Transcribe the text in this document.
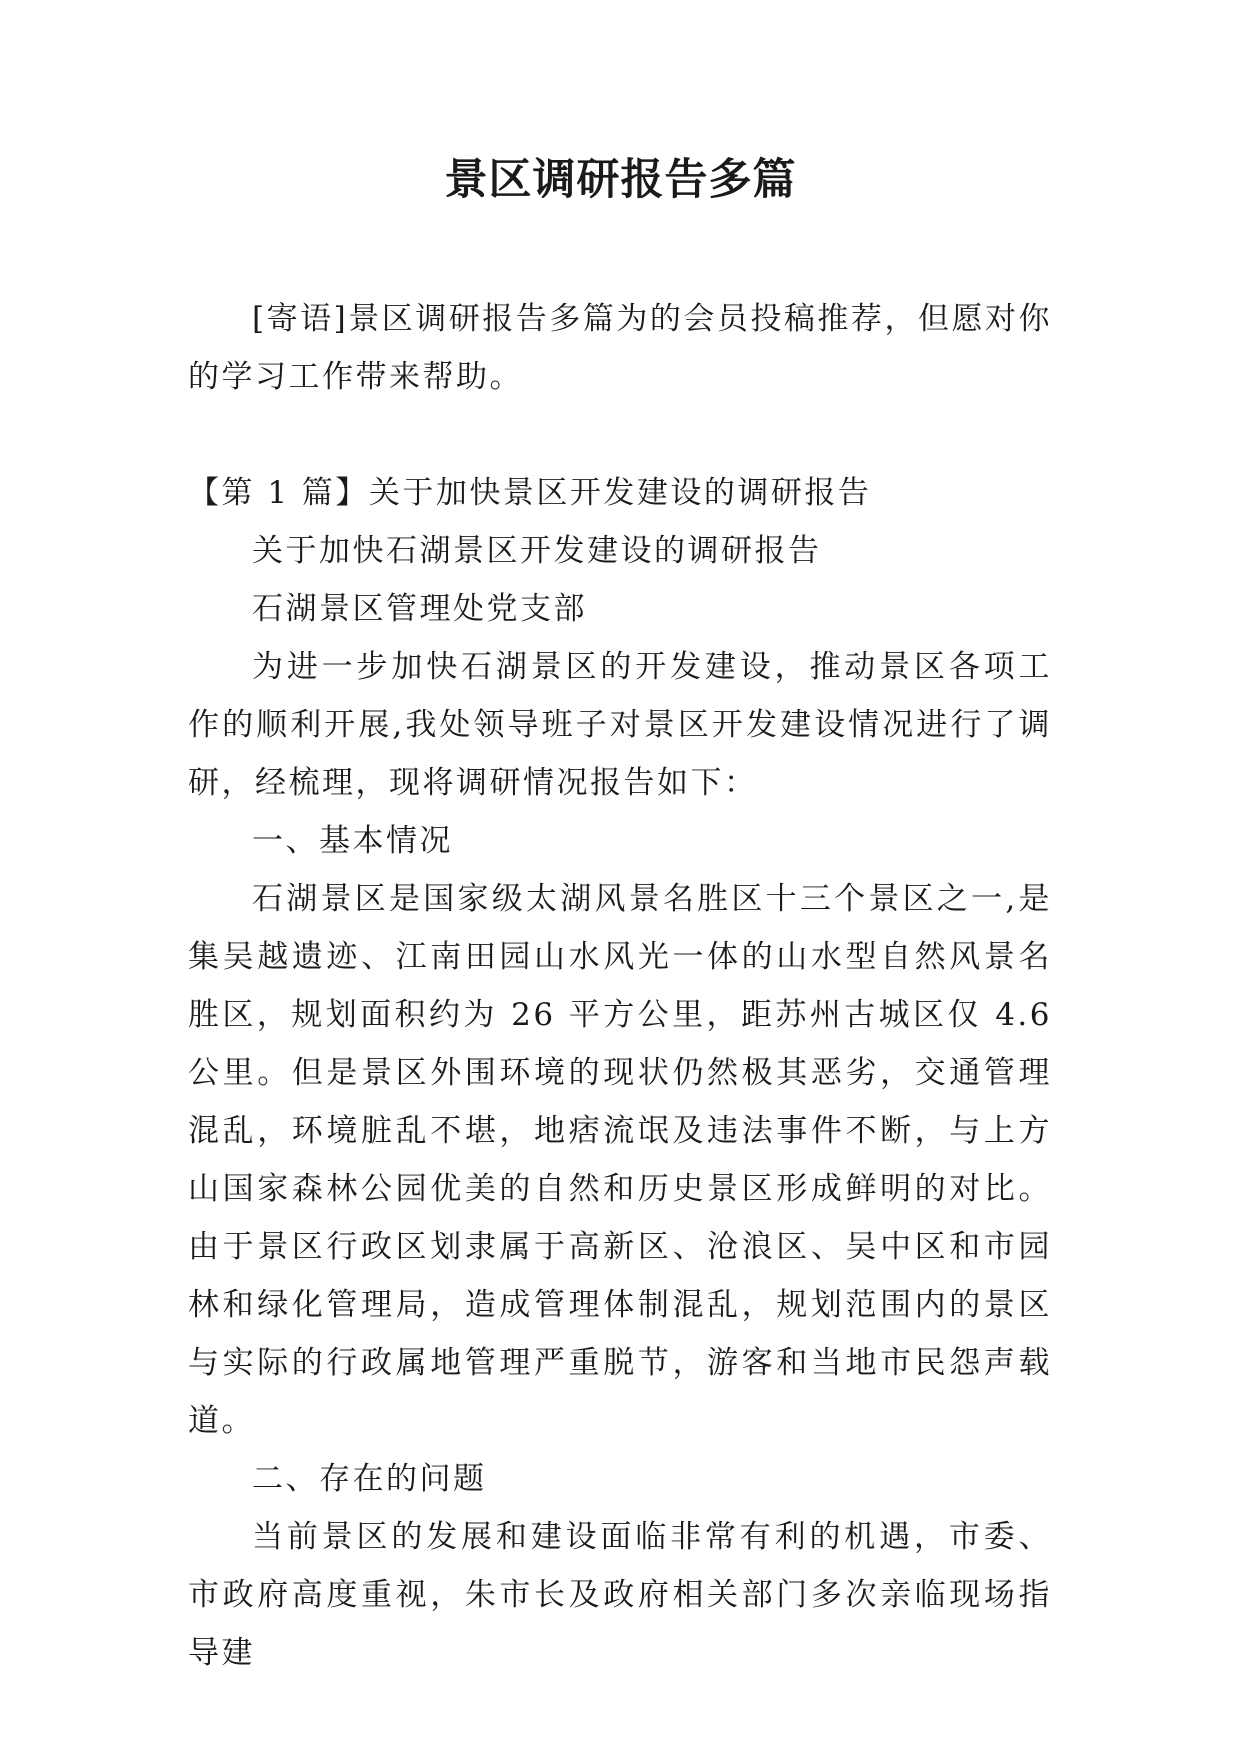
景区调研报告多篇

[寄语]景区调研报告多篇为的会员投稿推荐，但愿对你的学习工作带来帮助。

【第 1 篇】关于加快景区开发建设的调研报告

关于加快石湖景区开发建设的调研报告

石湖景区管理处党支部

为进一步加快石湖景区的开发建设，推动景区各项工作的顺利开展,我处领导班子对景区开发建设情况进行了调研，经梳理，现将调研情况报告如下：

一、基本情况

石湖景区是国家级太湖风景名胜区十三个景区之一,是集吴越遗迹、江南田园山水风光一体的山水型自然风景名胜区，规划面积约为 26 平方公里，距苏州古城区仅 4.6 公里。但是景区外围环境的现状仍然极其恶劣，交通管理混乱，环境脏乱不堪，地痞流氓及违法事件不断，与上方山国家森林公园优美的自然和历史景区形成鲜明的对比。由于景区行政区划隶属于高新区、沧浪区、吴中区和市园林和绿化管理局，造成管理体制混乱，规划范围内的景区与实际的行政属地管理严重脱节，游客和当地市民怨声载道。

二、存在的问题

当前景区的发展和建设面临非常有利的机遇，市委、市政府高度重视，朱市长及政府相关部门多次亲临现场指导建
